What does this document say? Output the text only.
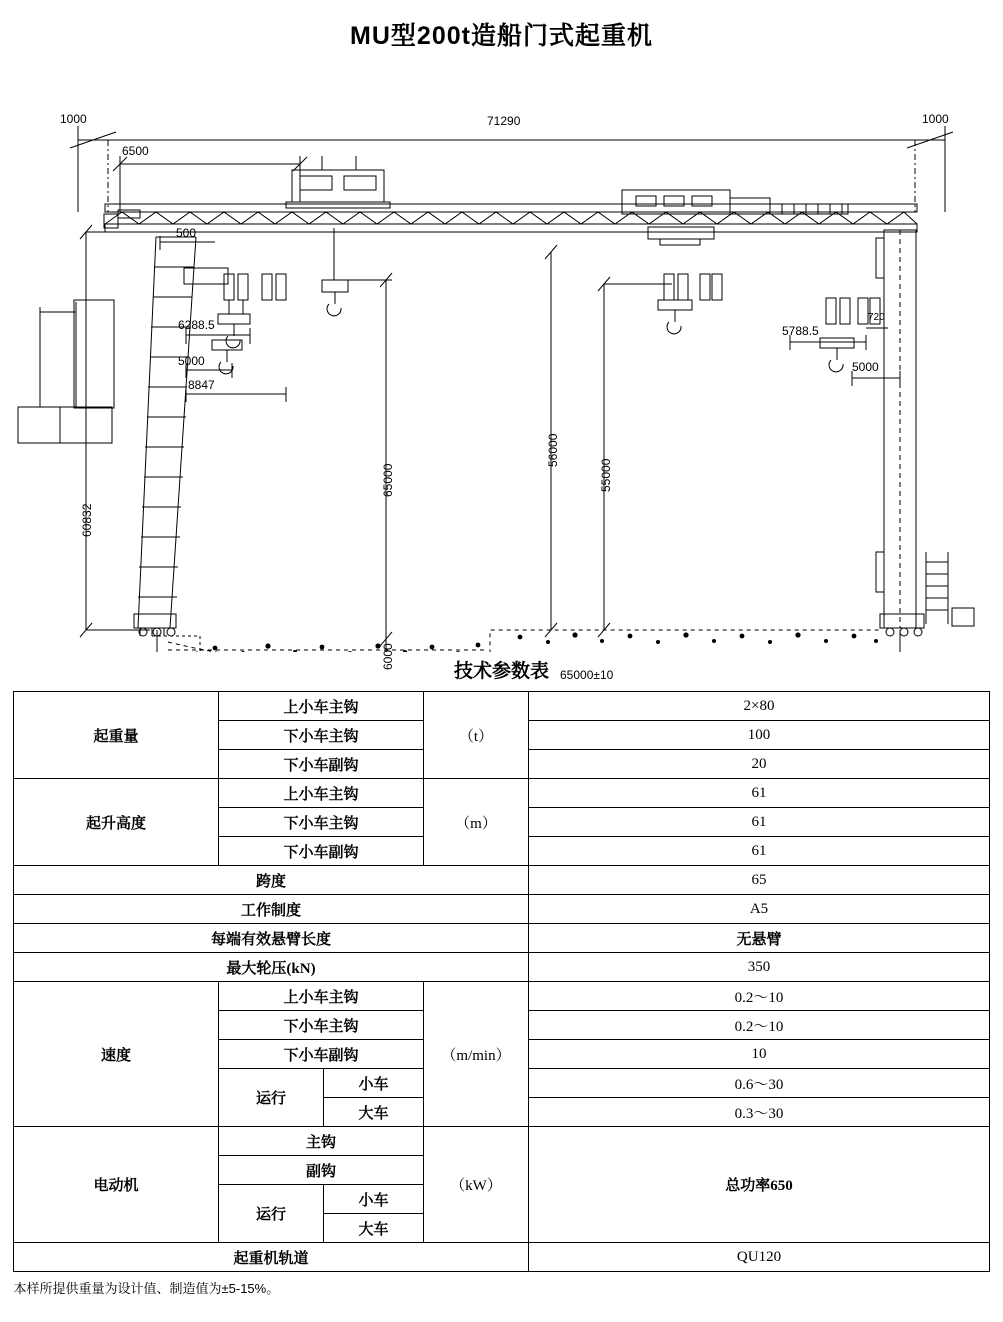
MU型200t造船门式起重机
1000	71290	1000
6500
500
6288.5
5000
8847
5788.5
720
5000
65000
56000
55000
60832
6000
65000±10
技术参数表
起重量	上小车主钩		（t）	2×80
	下小车主钩			100
	下小车副钩			20
起升高度	上小车主钩		（m）	61
	下小车主钩			61
	下小车副钩			61
跨度				65
工作制度				A5
每端有效悬臂长度				无悬臂
最大轮压(kN)				350
速度	上小车主钩		（m/min）	0.2～10
	下小车主钩			0.2～10
	下小车副钩			10
	运行	小车		0.6～30
		大车		0.3～30
电动机	主钩		（kW）	总功率650
	副钩			
	运行	小车		
		大车		
起重机轨道				QU120
本样所提供重量为设计值、制造值为±5-15%。
